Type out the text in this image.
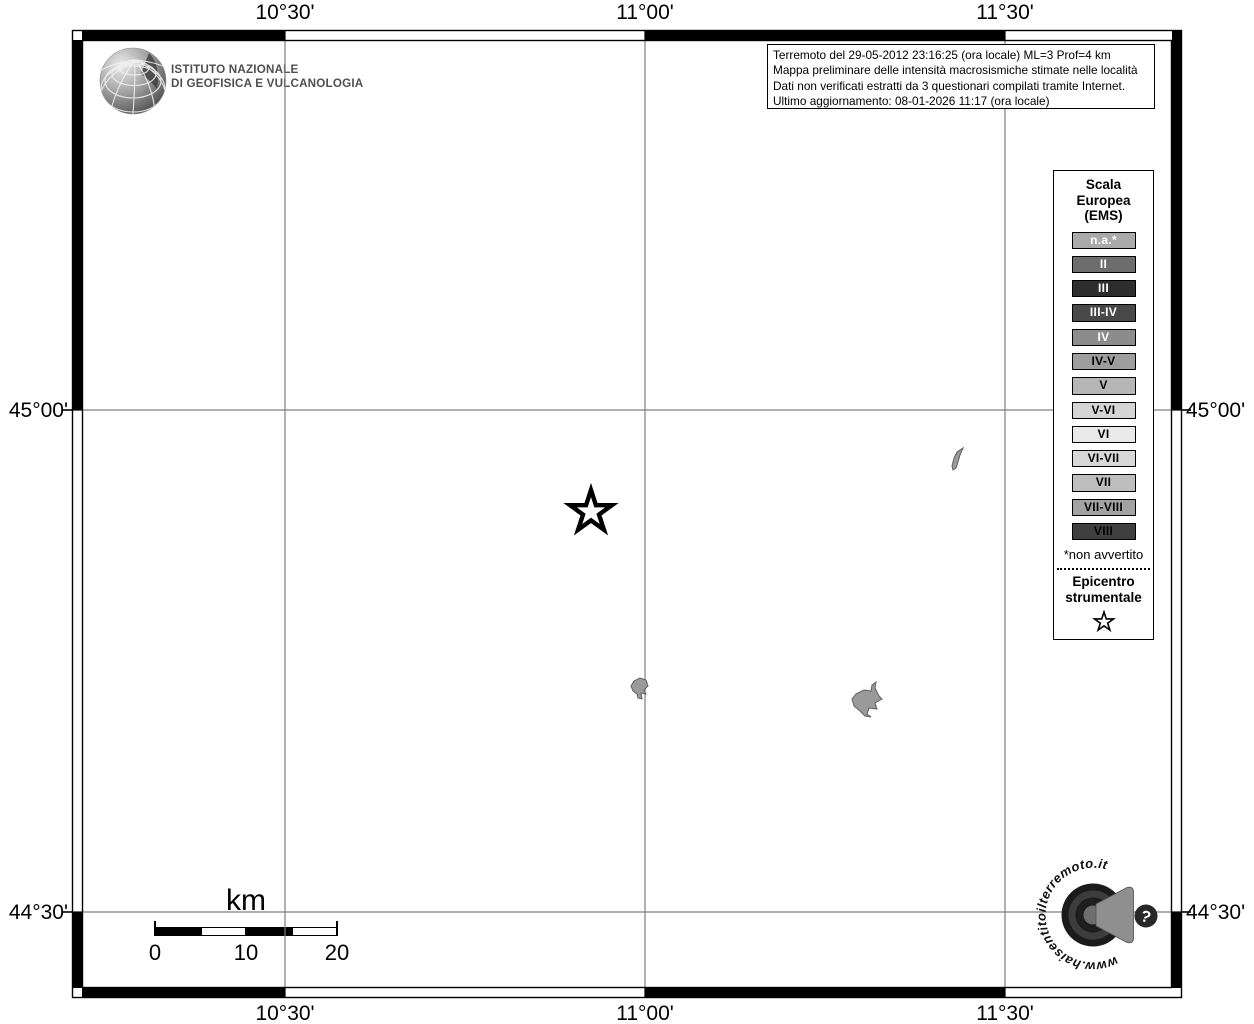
ISTITUTO NAZIONALE
DI GEOFISICA E VULCANOLOGIA
Terremoto del 29-05-2012 23:16:25 (ora locale) ML=3 Prof=4 km
Mappa preliminare delle intensità macrosismiche stimate nelle località
Dati non verificati estratti da 3 questionari compilati tramite Internet.
Ultimo aggiornamento: 08-01-2026 11:17 (ora locale)
10°30'	11°00'	11°30'
10°30'	11°00'	11°30'
45°00'
44°30'
45°00'
44°30'
Scala
Europea
(EMS)
n.a.*
II
III
III-IV
IV
IV-V
V
V-VI
VI
VI-VII
VII
VII-VIII
VIII
*non avvertito
Epicentro
strumentale
km
0	10	20	www.haisentitoilterremoto.it
?
